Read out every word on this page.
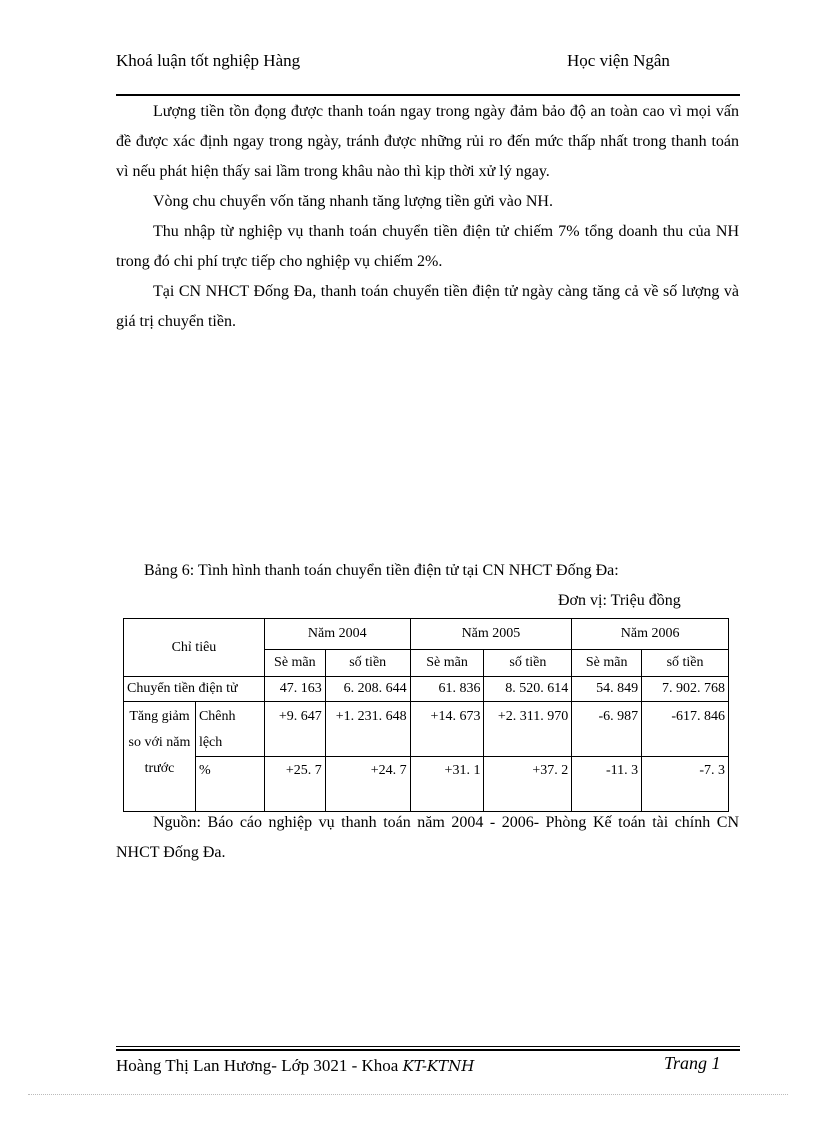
Khoá luận tốt nghiệp Hàng	Học viện Ngân

Lượng tiền tồn đọng được thanh toán ngay trong ngày đảm bảo độ an toàn cao vì mọi vấn đề được xác định ngay trong ngày, tránh được những rủi ro đến mức thấp nhất trong thanh toán vì nếu phát hiện thấy sai lầm trong khâu nào thì kịp thời xử lý ngay.

Vòng chu chuyển vốn tăng nhanh tăng lượng tiền gửi vào NH.

Thu nhập từ nghiệp vụ thanh toán chuyển tiền điện tử chiếm 7% tổng doanh thu của NH trong đó chi phí trực tiếp cho nghiệp vụ chiếm 2%.

Tại CN NHCT Đống Đa, thanh toán chuyển tiền điện tử ngày càng tăng cả về số lượng và giá trị chuyển tiền.

Bảng 6: Tình hình thanh toán chuyển tiền điện tử tại CN NHCT Đống Đa:
Đơn vị: Triệu đồng
Chỉ tiêu		Năm 2004		Năm 2005		Năm 2006	
		Sè mãn	số tiền	Sè mãn	số tiền	Sè mãn	số tiền
Chuyển tiền điện tử		47. 163	6. 208. 644	61. 836	8. 520. 614	54. 849	7. 902. 768
Tăng giảm so với năm trước	Chênh lệch	+9. 647	+1. 231. 648	+14. 673	+2. 311. 970	-6. 987	-617. 846
	%	+25. 7	+24. 7	+31. 1	+37. 2	-11. 3	-7. 3

Nguồn: Báo cáo nghiệp vụ thanh toán năm 2004 - 2006- Phòng Kế toán tài chính CN NHCT Đống Đa.

Hoàng Thị Lan Hương- Lớp 3021 - Khoa KT-KTNH	Trang 1
